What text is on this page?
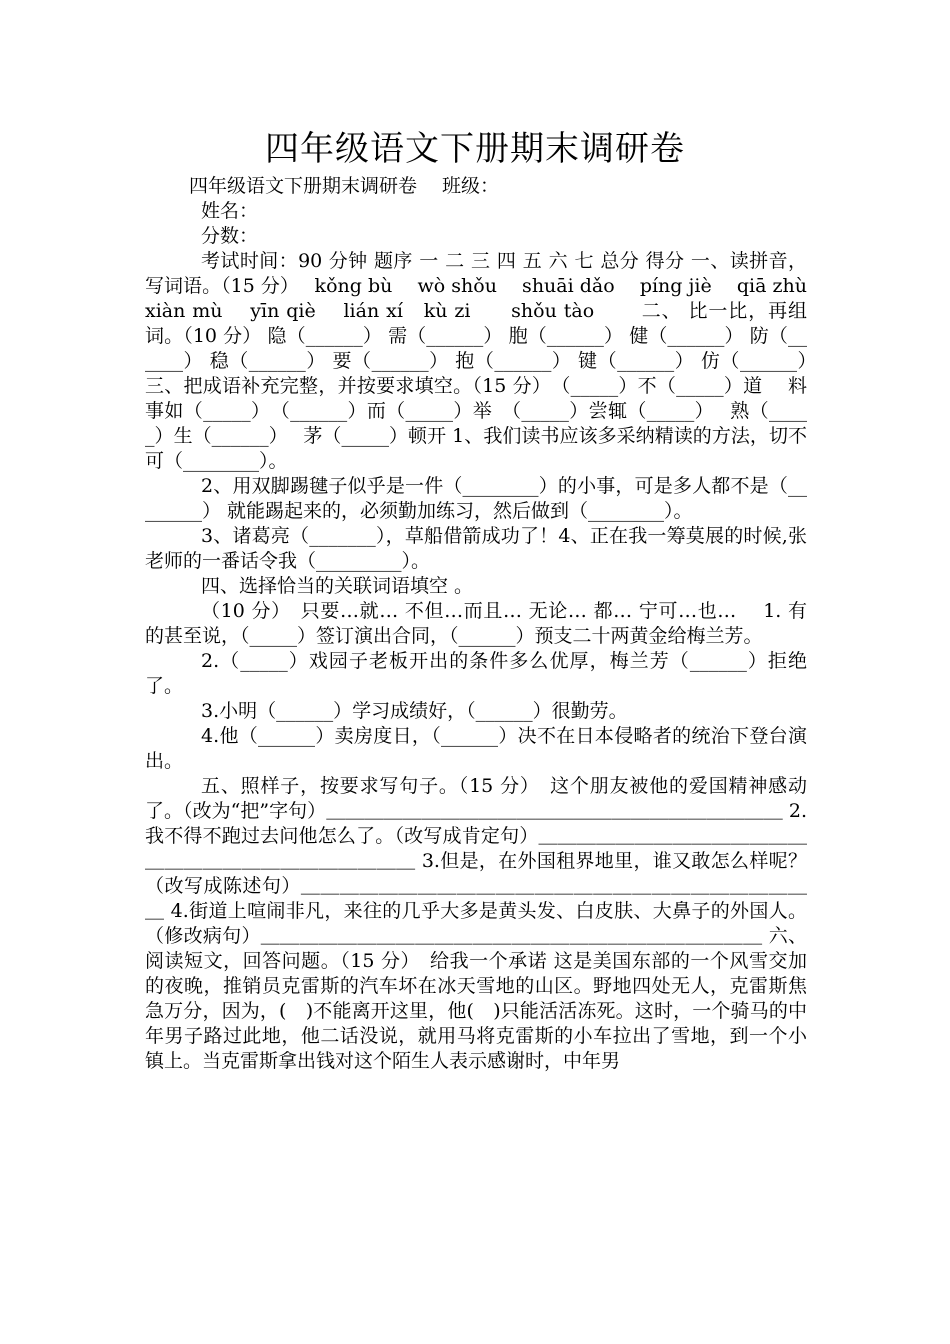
四年级语文下册期末调研卷

四年级语文下册期末调研卷　 班级：

姓名：

分数：

考试时间：90 分钟 题序 一 二 三 四 五 六 七 总分 得分 一、读拼音，写词语。（15 分）　 kǒng bù　 wò shǒu　 shuāi dǎo　 píng jiè　 qiā zhù　　 xiàn mù　 yīn qiè　 lián xí　kù zi　　shǒu tào　　 二、 比一比，再组词。（10 分） 隐（______） 需（______） 胞（______） 健（______） 防（______） 稳（______） 要（______） 抱（______） 键（______） 仿（______）　 三、把成语补充完整，并按要求填空。（15 分）　（_____）不（_____）道　 料事如（_____）　（______）而（_____）举　（_____）尝辄（_____）　 熟（_____）生（______）　 茅（_____）顿开 1、我们读书应该多采纳精读的方法，切不可（________）。

2、用双脚踢毽子似乎是一件（________）的小事，可是多人都不是（________） 就能踢起来的，必须勤加练习，然后做到（________）。

3、诸葛亮（_______），草船借箭成功了！4、正在我一筹莫展的时候,张老师的一番话令我（_________）。

四、选择恰当的关联词语填空 。

（10 分）　只要…就… 不但…而且… 无论… 都… 宁可…也…　 1. 有的甚至说，（_____）签订演出合同，（______）预支二十两黄金给梅兰芳。

2.（_____）戏园子老板开出的条件多么优厚，梅兰芳（______）拒绝了。

3.小明（______）学习成绩好，（______）很勤劳。

4.他（______）卖房度日，（______）决不在日本侵略者的统治下登台演出。

五、照样子，按要求写句子。（15 分）　这个朋友被他的爱国精神感动了。（改为“把”字句）＿＿＿＿＿＿＿＿＿＿＿＿＿＿＿＿＿＿＿＿＿＿＿＿ 2.我不得不跑过去问他怎么了。（改写成肯定句）＿＿＿＿＿＿＿＿＿＿＿＿＿＿＿＿＿＿＿＿＿＿＿＿＿＿＿＿ 3.但是，在外国租界地里，谁又敢怎么样呢？（改写成陈述句）＿＿＿＿＿＿＿＿＿＿＿＿＿＿＿＿＿＿＿＿＿＿＿＿＿＿＿ 4.街道上喧闹非凡，来往的几乎大多是黄头发、白皮肤、大鼻子的外国人。（修改病句）＿＿＿＿＿＿＿＿＿＿＿＿＿＿＿＿＿＿＿＿＿＿＿＿＿＿ 六、阅读短文，回答问题。（15 分）　给我一个承诺 这是美国东部的一个风雪交加的夜晚，推销员克雷斯的汽车坏在冰天雪地的山区。野地四处无人，克雷斯焦急万分，因为，(　)不能离开这里，他(　)只能活活冻死。这时，一个骑马的中年男子路过此地，他二话没说，就用马将克雷斯的小车拉出了雪地，到一个小镇上。当克雷斯拿出钱对这个陌生人表示感谢时，中年男
